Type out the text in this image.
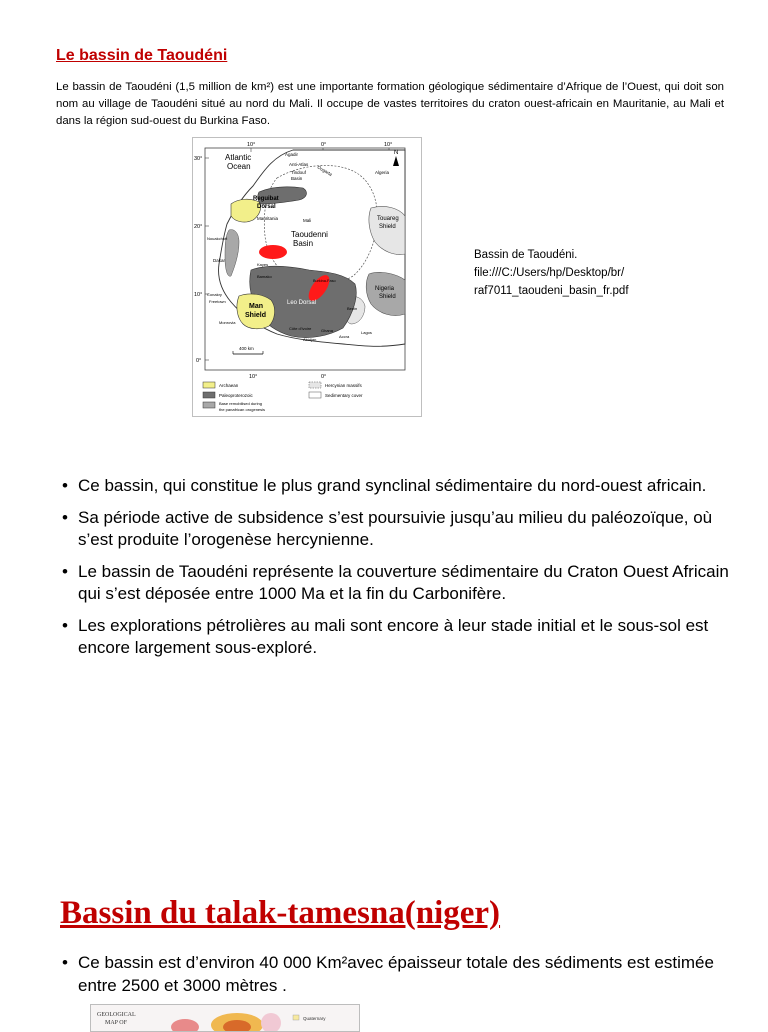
Le bassin de Taoudéni

Le bassin de Taoudéni (1,5 million de km²) est une importante formation géologique sédimentaire d’Afrique de l’Ouest, qui doit son nom au village de Taoudéni situé au nord du Mali. Il occupe de vastes territoires du craton ouest-africain en Mauritanie, au Mali et dans la région sud-ouest du Burkina Faso.

N
30°
20°
10°
0°
10°	0°	10°
10°	0°
Atlantic
Ocean
Agadir
Anti-Atlas
Tindouf
Basin
Ougarta	Algeria
Reguibat
Dorsal
Mauritania	Mali
Taoudenni
Basin
Touareg
Shield
Nouakchott
Dakar
Kayes
Bamako
Burkina-Faso
Nigeria
Shield
Conakry
Freetown
Man
Shield
Leo Dorsal
Monrovia
Côte d'Ivoire Ghana
Accra
Abidjan
Lagos
Benin
400 km
Archaean
Paleoproterozoic
Base remobilised during
the panafrican orogenesis
Hercynian massifs
Sedimentary cover
Bassin de Taoudéni.
file:///C:/Users/hp/Desktop/br/
raf7011_taoudeni_basin_fr.pdf
• Ce bassin, qui constitue le plus grand synclinal sédimentaire du nord-ouest africain.
• Sa période active de subsidence s’est poursuivie jusqu’au milieu du paléozoïque, où s’est produite l’orogenèse hercynienne.
• Le bassin de Taoudéni représente la couverture sédimentaire du Craton Ouest Africain qui s’est déposée entre 1000 Ma et la fin du Carbonifère.
• Les explorations pétrolières au mali sont encore à leur stade initial et le sous-sol est encore largement sous-exploré.
Bassin du talak-tamesna(niger)
• Ce bassin est d’environ 40 000 Km²avec épaisseur totale des sédiments est estimée entre 2500 et 3000 mètres .
GEOLOGICAL
MAP OF
Quaternary
